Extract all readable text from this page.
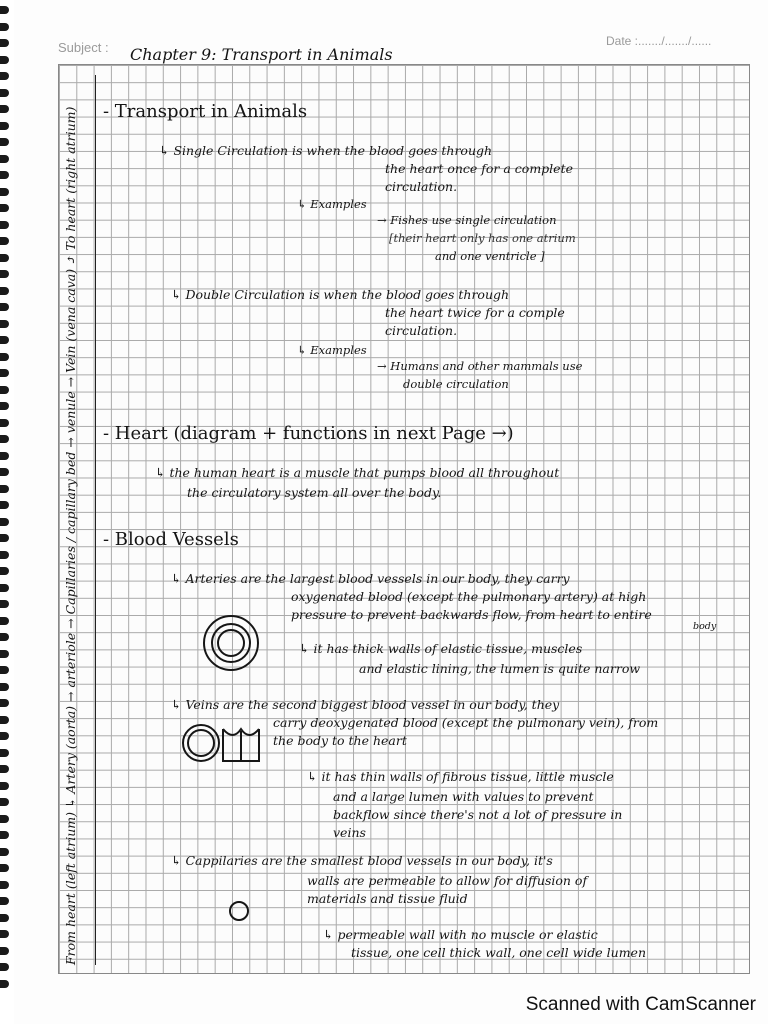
Subject :	Date :......./......./......
Chapter 9: Transport in Animals
From heart (left atrium) ↳ Artery (aorta) → arteriole → Capillaries / capillary bed → venule → Vein (vena cava) ⤴ To heart (right atrium) - Transport in Animals
↳ Single Circulation is when the blood goes through
the heart once for a complete
circulation.
↳ Examples
→ Fishes use single circulation
[their heart only has one atrium
and one ventricle ]
↳ Double Circulation is when the blood goes through
the heart twice for a comple
circulation.
↳ Examples
→ Humans and other mammals use
double circulation
- Heart (diagram + functions in next Page →)
↳ the human heart is a muscle that pumps blood all throughout
the circulatory system all over the body.
- Blood Vessels
↳ Arteries are the largest blood vessels in our body, they carry
oxygenated blood (except the pulmonary artery) at high
pressure to prevent backwards flow, from heart to entire
body
↳ it has thick walls of elastic tissue, muscles
and elastic lining, the lumen is quite narrow
↳ Veins are the second biggest blood vessel in our body, they
carry deoxygenated blood (except the pulmonary vein), from
the body to the heart
↳ it has thin walls of fibrous tissue, little muscle
and a large lumen with values to prevent
backflow since there's not a lot of pressure in
veins
↳ Cappilaries are the smallest blood vessels in our body, it's
walls are permeable to allow for diffusion of
materials and tissue fluid
↳ permeable wall with no muscle or elastic
tissue, one cell thick wall, one cell wide lumen
Scanned with CamScanner
